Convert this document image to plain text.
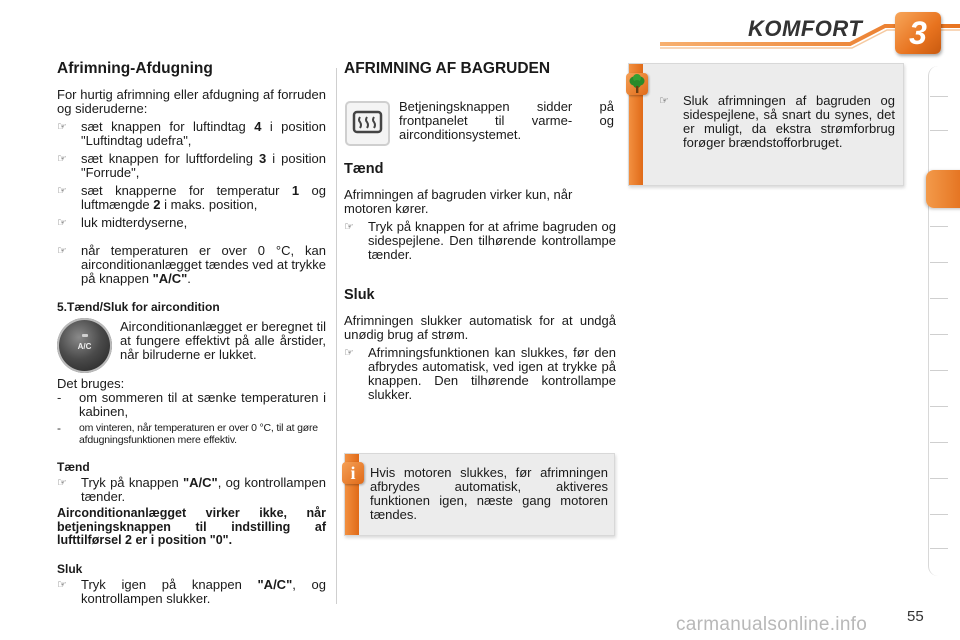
KOMFORT	3
Afrimning-Afdugning
For hurtig afrimning eller afdugning af forruden og sideruderne:
☞ sæt knappen for luftindtag 4 i position "Luftindtag udefra",
☞ sæt knappen for luftfordeling 3 i position "Forrude",
☞ sæt knapperne for temperatur 1 og luftmængde 2 i maks. position,
☞ luk midterdyserne,
☞ når temperaturen er over 0 °C, kan airconditionanlægget tændes ved at trykke på knappen "A/C".
5.Tænd/Sluk for aircondition
A/C
Airconditionanlægget er beregnet til at fungere effektivt på alle årstider, når bilruderne er lukket.
Det bruges:
- om sommeren til at sænke temperaturen i kabinen,
- om vinteren, når temperaturen er over 0 °C, til at gøre afdugningsfunktionen mere effektiv.
Tænd
☞ Tryk på knappen "A/C", og kontrollampen tænder.
Airconditionanlægget virker ikke, når betjeningsknappen til indstilling af lufttilførsel 2 er i position "0".
Sluk
☞ Tryk igen på knappen "A/C", og kontrollampen slukker.
AFRIMNING AF BAGRUDEN
Betjeningsknappen sidder på frontpanelet til varme- og airconditionsystemet.
Tænd
Afrimningen af bagruden virker kun, når motoren kører.
☞ Tryk på knappen for at afrime bagruden og sidespejlene. Den tilhørende kontrollampe tænder.
Sluk
Afrimningen slukker automatisk for at undgå unødig brug af strøm.
☞ Afrimningsfunktionen kan slukkes, før den afbrydes automatisk, ved igen at trykke på knappen. Den tilhørende kontrollampe slukker.
Hvis motoren slukkes, før afrimningen afbrydes automatisk, aktiveres funktionen igen, næste gang motoren tændes.
i
☞ Sluk afrimningen af bagruden og sidespejlene, så snart du synes, det er muligt, da ekstra strømforbrug forøger brændstofforbruget.
carmanualsonline.info	55
